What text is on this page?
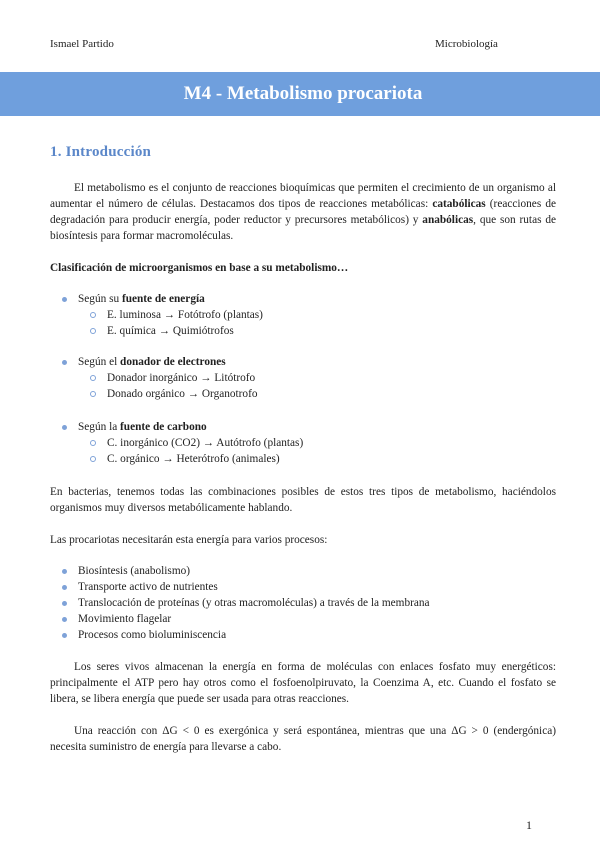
Ismael Partido	Microbiología
M4 - Metabolismo procariota
1. Introducción

El metabolismo es el conjunto de reacciones bioquímicas que permiten el crecimiento de un organismo al aumentar el número de células. Destacamos dos tipos de reacciones metabólicas: catabólicas (reacciones de degradación para producir energía, poder reductor y precursores metabólicos) y anabólicas, que son rutas de biosíntesis para formar macromoléculas.

Clasificación de microorganismos en base a su metabolismo…
Según su fuente de energía
E. luminosa → Fotótrofo (plantas)
E. química → Quimiótrofos
Según el donador de electrones
Donador inorgánico → Litótrofo
Donado orgánico → Organotrofo
Según la fuente de carbono
C. inorgánico (CO2) → Autótrofo (plantas)
C. orgánico → Heterótrofo (animales)

En bacterias, tenemos todas las combinaciones posibles de estos tres tipos de metabolismo, haciéndolos organismos muy diversos metabólicamente hablando.

Las procariotas necesitarán esta energía para varios procesos:

Biosíntesis (anabolismo)
Transporte activo de nutrientes
Translocación de proteínas (y otras macromoléculas) a través de la membrana
Movimiento flagelar
Procesos como bioluminiscencia

Los seres vivos almacenan la energía en forma de moléculas con enlaces fosfato muy energéticos: principalmente el ATP pero hay otros como el fosfoenolpiruvato, la Coenzima A, etc. Cuando el fosfato se libera, se libera energía que puede ser usada para otras reacciones.

Una reacción con ΔG < 0 es exergónica y será espontánea, mientras que una ΔG > 0 (endergónica) necesita suministro de energía para llevarse a cabo.

1
